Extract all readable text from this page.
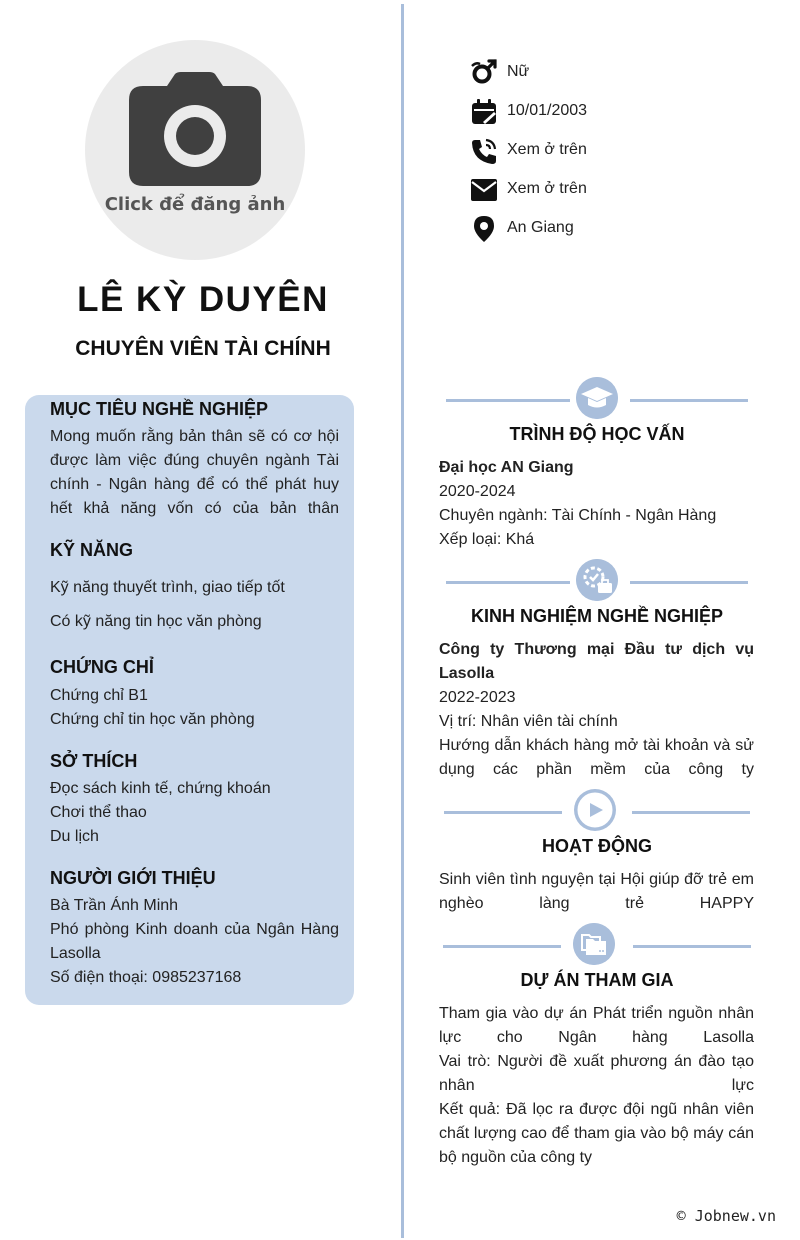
Click để đăng ảnh
LÊ KỲ DUYÊN
CHUYÊN VIÊN TÀI CHÍNH
Nữ
10/01/2003
Xem ở trên
Xem ở trên
An Giang
MỤC TIÊU NGHỀ NGHIỆP
Mong muốn rằng bản thân sẽ có cơ hội được làm việc đúng chuyên ngành Tài chính - Ngân hàng để có thể phát huy hết khả năng vốn có của bản thân
KỸ NĂNG
Kỹ năng thuyết trình, giao tiếp tốt
Có kỹ năng tin học văn phòng
CHỨNG CHỈ
Chứng chỉ B1
Chứng chỉ tin học văn phòng
SỞ THÍCH
Đọc sách kinh tế, chứng khoán
Chơi thể thao
Du lịch
NGƯỜI GIỚI THIỆU
Bà Trần Ánh Minh
Phó phòng Kinh doanh của Ngân Hàng Lasolla
Số điện thoại: 0985237168
TRÌNH ĐỘ HỌC VẤN
Đại học AN Giang
2020-2024
Chuyên ngành: Tài Chính - Ngân Hàng
Xếp loại: Khá
KINH NGHIỆM NGHỀ NGHIỆP
Công ty Thương mại Đầu tư dịch vụ Lasolla
2022-2023
Vị trí: Nhân viên tài chính
Hướng dẫn khách hàng mở tài khoản và sử dụng các phần mềm của công ty
HOẠT ĐỘNG
Sinh viên tình nguyện tại Hội giúp đỡ trẻ em nghèo làng trẻ HAPPY
DỰ ÁN THAM GIA
Tham gia vào dự án Phát triển nguồn nhân lực cho Ngân hàng Lasolla
Vai trò: Người đề xuất phương án đào tạo nhân lực
Kết quả: Đã lọc ra được đội ngũ nhân viên chất lượng cao để tham gia vào bộ máy cán bộ nguồn của công ty
© Jobnew.vn
